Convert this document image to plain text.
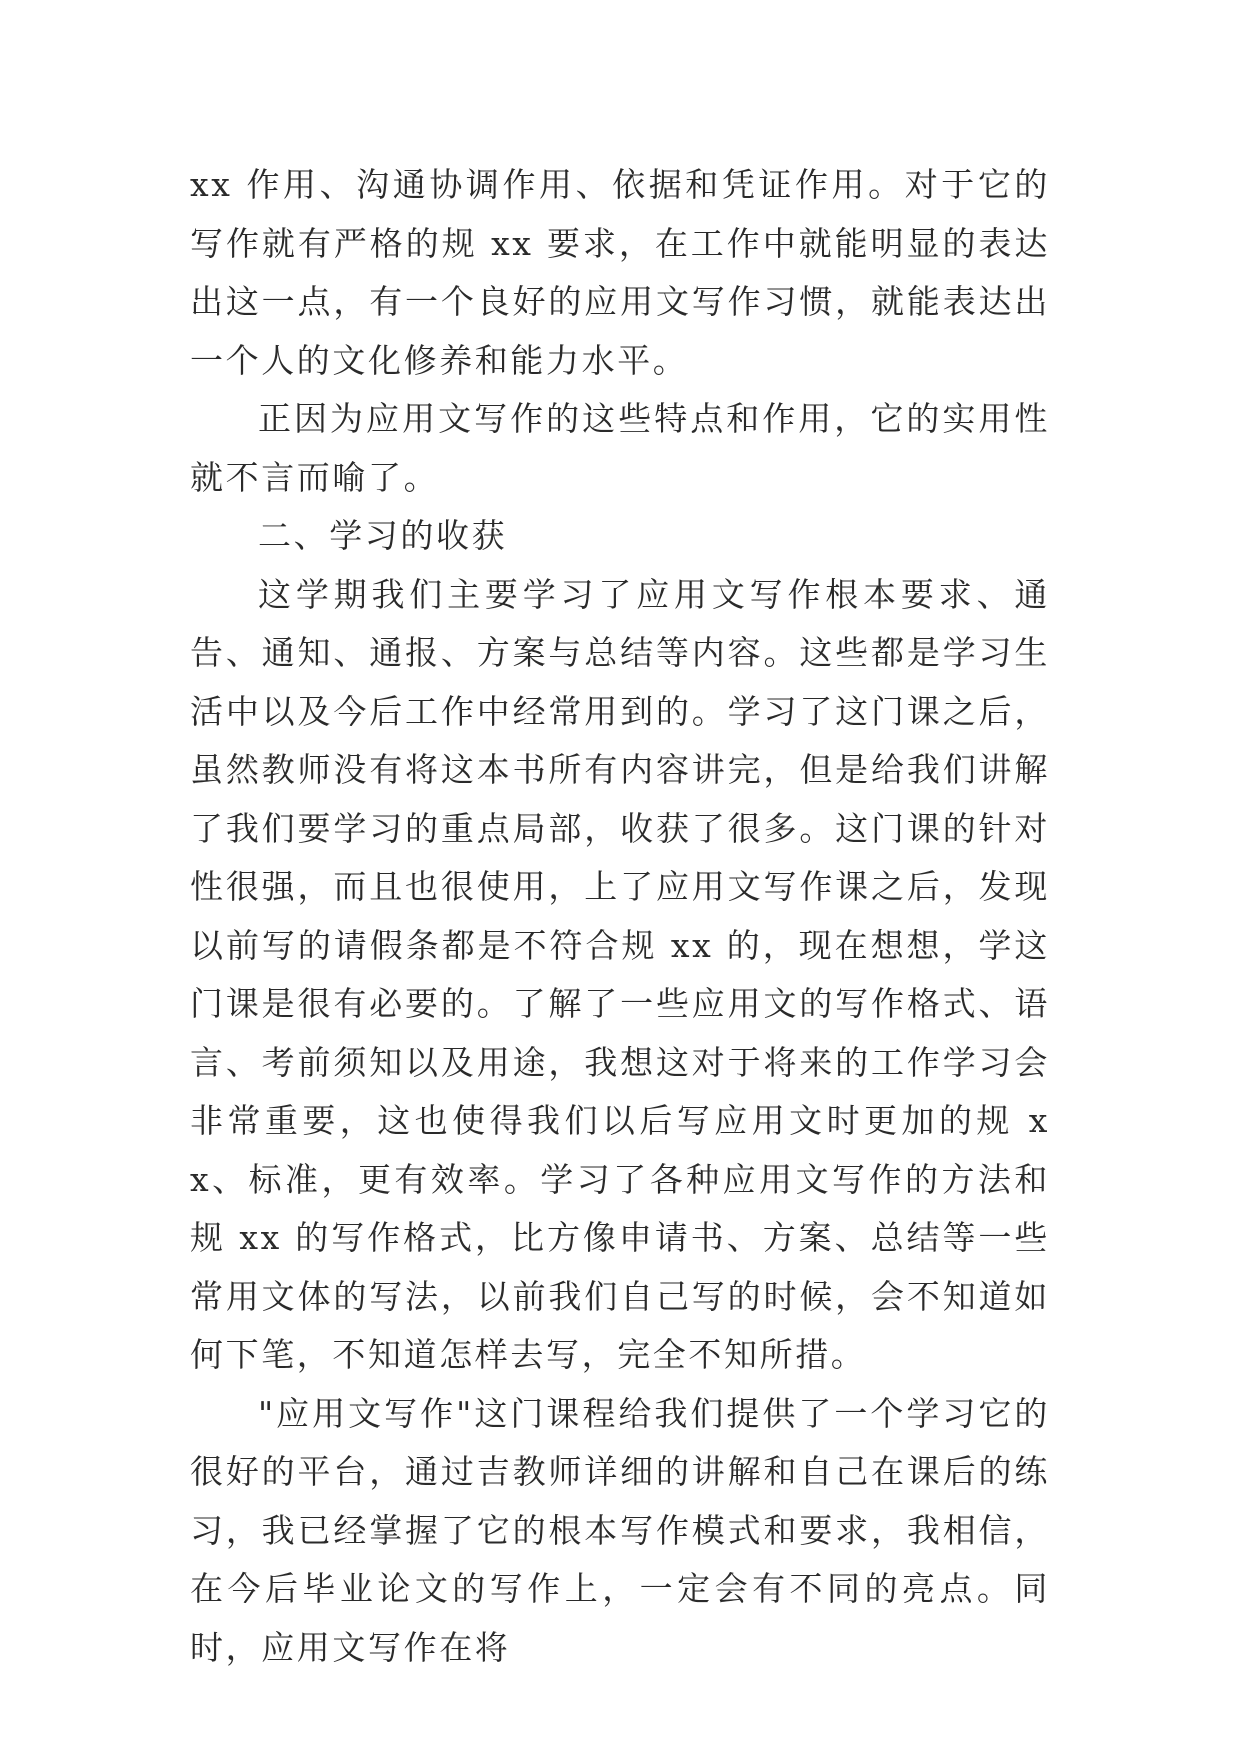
xx 作用、沟通协调作用、依据和凭证作用。对于它的写作就有严格的规 xx 要求，在工作中就能明显的表达出这一点，有一个良好的应用文写作习惯，就能表达出一个人的文化修养和能力水平。

正因为应用文写作的这些特点和作用，它的实用性就不言而喻了。

二、学习的收获

这学期我们主要学习了应用文写作根本要求、通告、通知、通报、方案与总结等内容。这些都是学习生活中以及今后工作中经常用到的。学习了这门课之后，虽然教师没有将这本书所有内容讲完，但是给我们讲解了我们要学习的重点局部，收获了很多。这门课的针对性很强，而且也很使用，上了应用文写作课之后，发现以前写的请假条都是不符合规 xx 的，现在想想，学这门课是很有必要的。了解了一些应用文的写作格式、语言、考前须知以及用途，我想这对于将来的工作学习会非常重要，这也使得我们以后写应用文时更加的规 xx、标准，更有效率。学习了各种应用文写作的方法和规 xx 的写作格式，比方像申请书、方案、总结等一些常用文体的写法，以前我们自己写的时候，会不知道如何下笔，不知道怎样去写，完全不知所措。

"应用文写作"这门课程给我们提供了一个学习它的很好的平台，通过吉教师详细的讲解和自己在课后的练习，我已经掌握了它的根本写作模式和要求，我相信，在今后毕业论文的写作上，一定会有不同的亮点。同时，应用文写作在将
